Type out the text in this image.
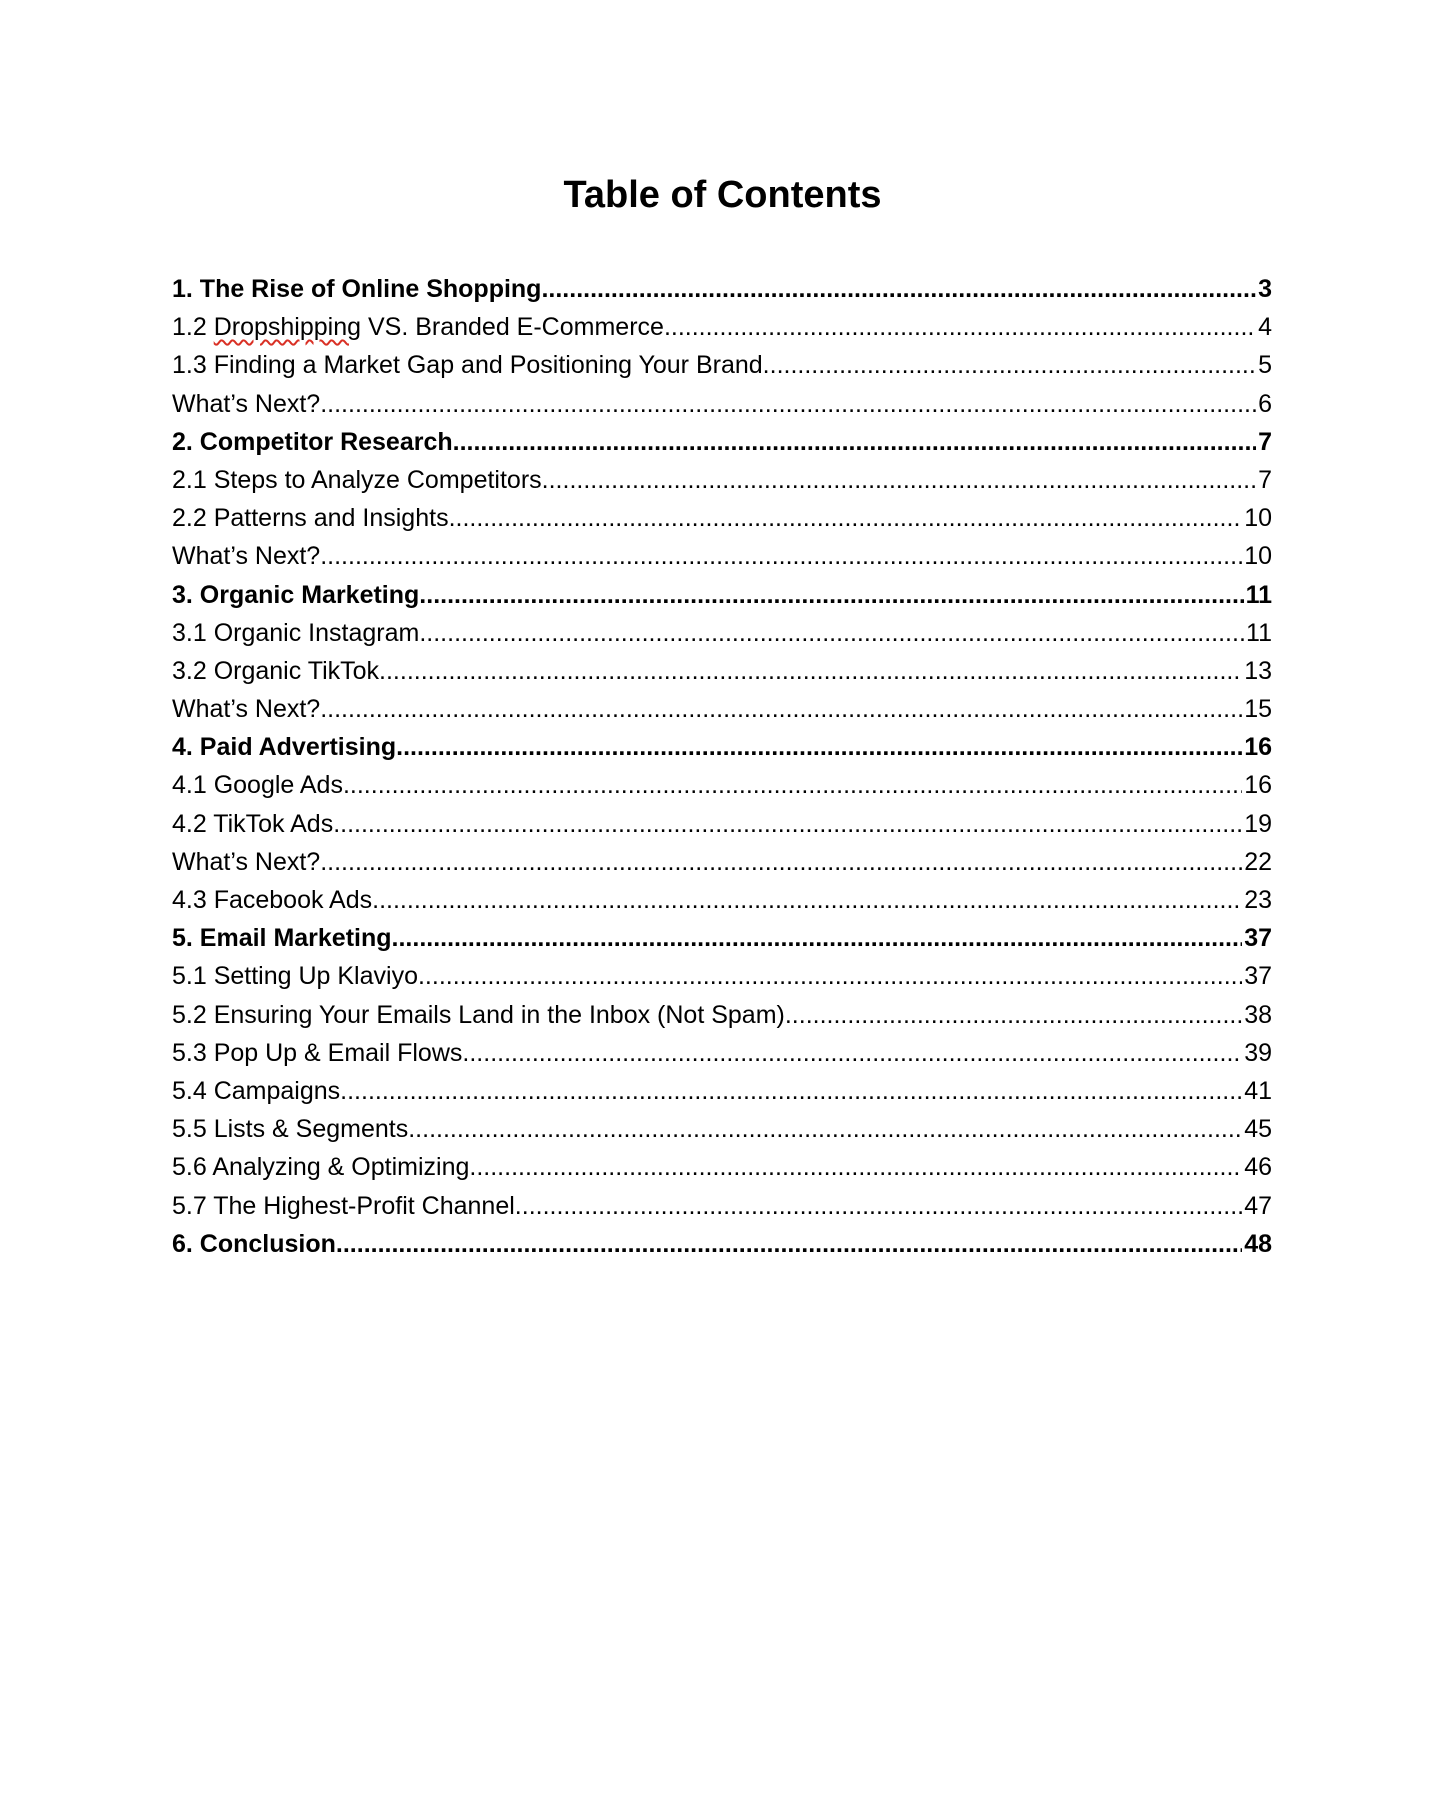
Table of Contents
1. The Rise of Online Shopping .....	3
1.2 Dropshipping VS. Branded E-Commerce .....	4
1.3 Finding a Market Gap and Positioning Your Brand .....	5
What’s Next? .....	6
2. Competitor Research .....	7
2.1 Steps to Analyze Competitors .....	7
2.2 Patterns and Insights .....	10
What’s Next? .....	10
3. Organic Marketing .....	11
3.1 Organic Instagram .....	11
3.2 Organic TikTok .....	13
What’s Next? .....	15
4. Paid Advertising .....	16
4.1 Google Ads .....	16
4.2 TikTok Ads .....	19
What’s Next? .....	22
4.3 Facebook Ads .....	23
5. Email Marketing .....	37
5.1 Setting Up Klaviyo .....	37
5.2 Ensuring Your Emails Land in the Inbox (Not Spam) .....	38
5.3 Pop Up & Email Flows .....	39
5.4 Campaigns .....	41
5.5 Lists & Segments .....	45
5.6 Analyzing & Optimizing .....	46
5.7 The Highest-Profit Channel .....	47
6. Conclusion .....	48
